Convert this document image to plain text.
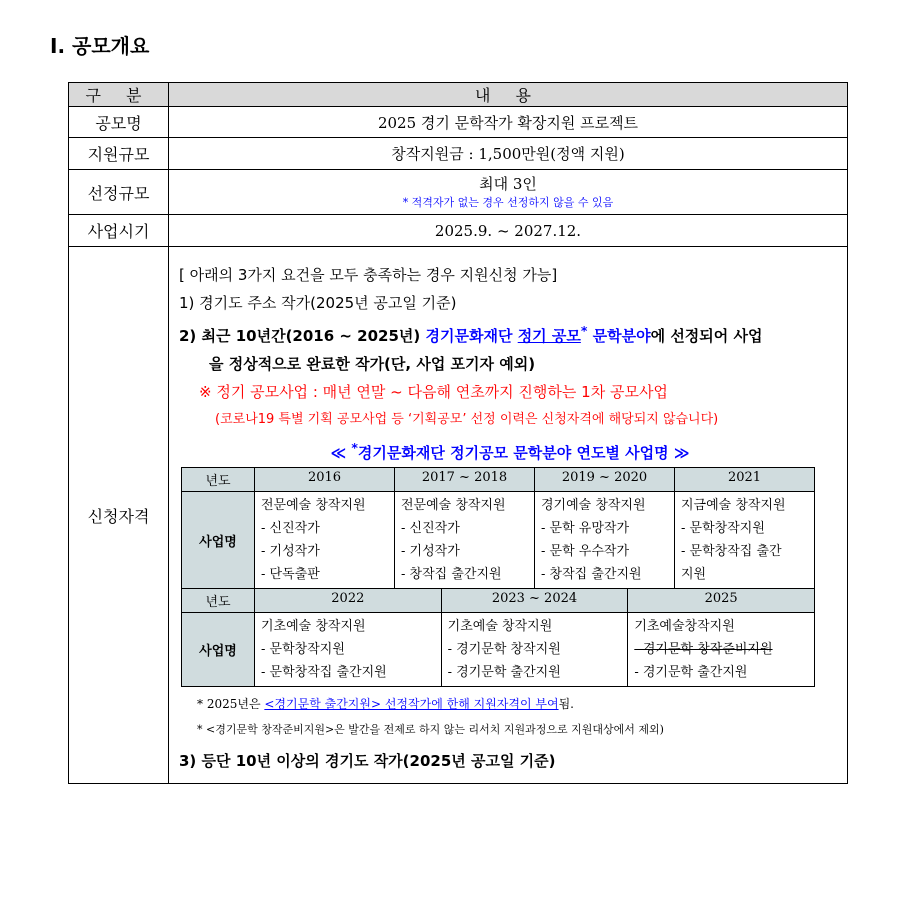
Ⅰ. 공모개요
구 분	내 용
공모명	2025 경기 문학작가 확장지원 프로젝트
지원규모	창작지원금 : 1,500만원(정액 지원)
선정규모	최대 3인
* 적격자가 없는 경우 선정하지 않을 수 있음

사업시기	2025.9. ~ 2027.12.
신청자격	
[ 아래의 3가지 요건을 모두 충족하는 경우 지원신청 가능]
1) 경기도 주소 작가(2025년 공고일 기준)
2) 최근 10년간(2016 ~ 2025년) 경기문화재단 정기 공모* 문학분야에 선정되어 사업
을 정상적으로 완료한 작가(단, 사업 포기자 예외)
※ 정기 공모사업 : 매년 연말 ~ 다음해 연초까지 진행하는 1차 공모사업
(코로나19 특별 기획 공모사업 등 ‘기획공모’ 선정 이력은 신청자격에 해당되지 않습니다)
≪ *경기문화재단 정기공모 문학분야 연도별 사업명 ≫
년도	2016	2017 ~ 2018	2019 ~ 2020	2021
사업명	
전문예술 창작지원
- 신진작가
- 기성작가
- 단독출판

전문예술 창작지원
- 신진작가
- 기성작가
- 창작집 출간지원

경기예술 창작지원
- 문학 유망작가
- 문학 우수작가
- 창작집 출간지원

지금예술 창작지원
- 문학창작지원
- 문학창작집 출간
지원
년도	2022	2023 ~ 2024	2025
사업명	
기초예술 창작지원
- 문학창작지원
- 문학창작집 출간지원

기초예술 창작지원
- 경기문학 창작지원
- 경기문학 출간지원

기초예술창작지원
- 경기문학 창작준비지원
- 경기문학 출간지원
* 2025년은 <경기문학 출간지원> 선정작가에 한해 지원자격이 부여됨.
* <경기문학 창작준비지원>은 발간을 전제로 하지 않는 리서치 지원과정으로 지원대상에서 제외)
3) 등단 10년 이상의 경기도 작가(2025년 공고일 기준)
